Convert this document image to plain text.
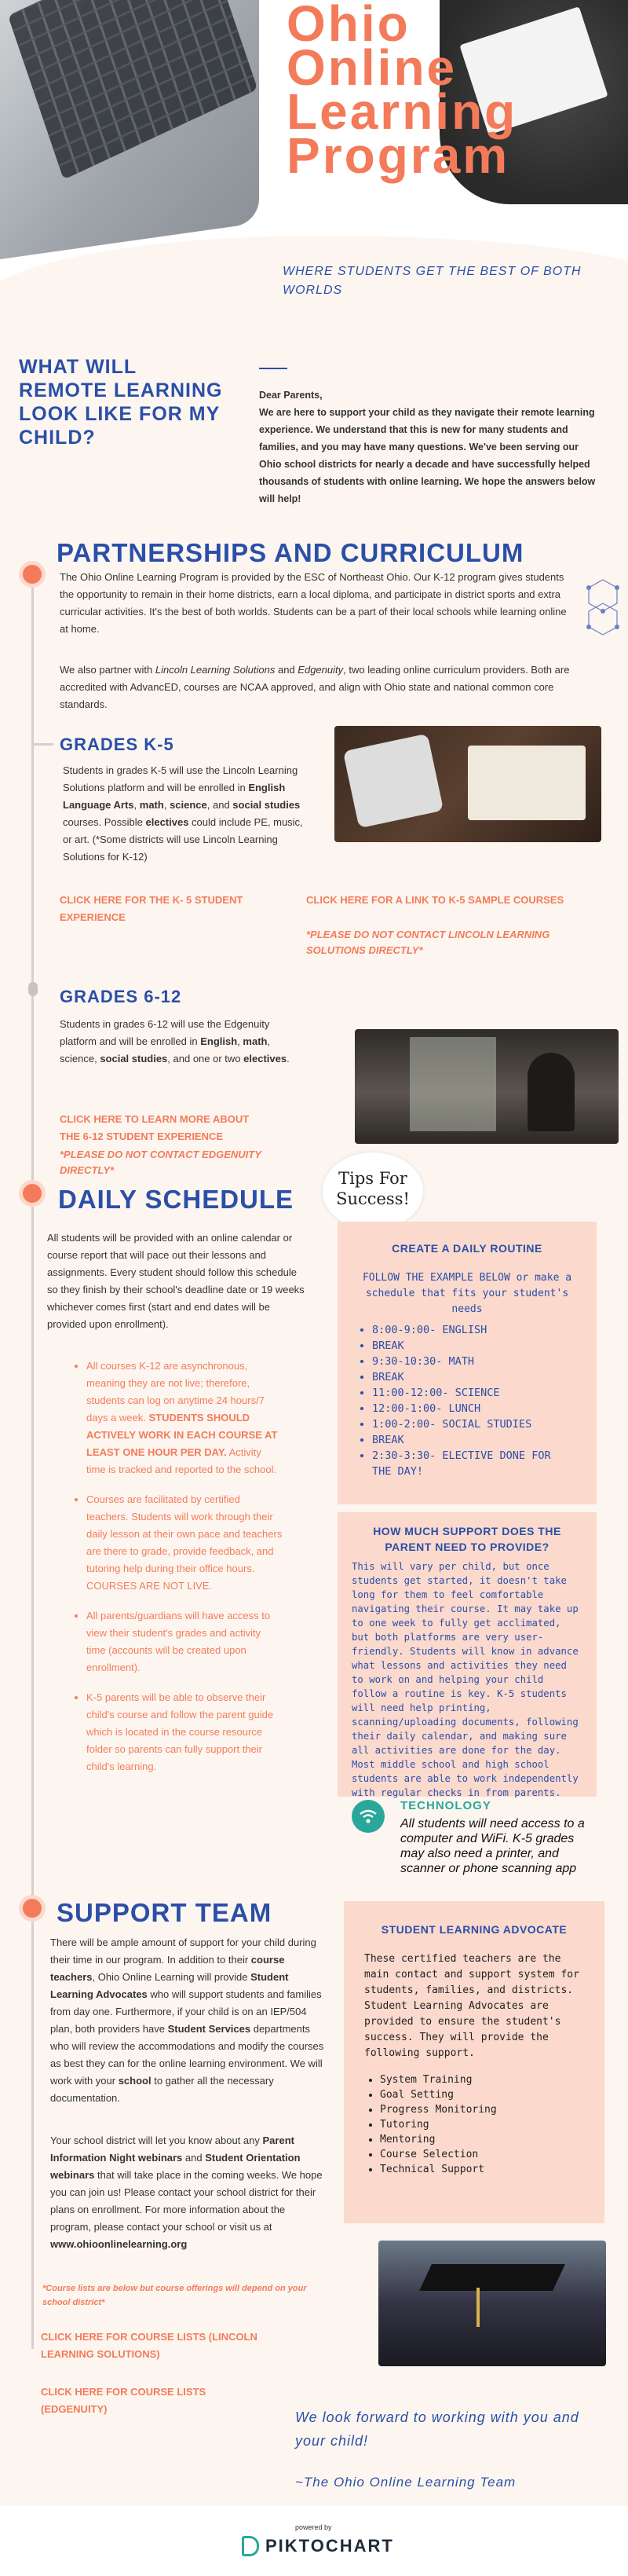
Ohio
Online
Learning
Program
WHERE STUDENTS GET THE BEST OF BOTH WORLDS
WHAT WILL REMOTE LEARNING LOOK LIKE FOR MY CHILD?

Dear Parents,

We are here to support your child as they navigate their remote learning experience. We understand that this is new for many students and families, and you may have many questions. We've been serving our Ohio school districts for nearly a decade and have successfully helped thousands of students with online learning. We hope the answers below will help!

PARTNERSHIPS AND CURRICULUM
The Ohio Online Learning Program is provided by the ESC of Northeast Ohio. Our K-12 program gives students the opportunity to remain in their home districts, earn a local diploma, and participate in district sports and extra curricular activities. It's the best of both worlds. Students can be a part of their local schools while learning online at home.
We also partner with Lincoln Learning Solutions and Edgenuity, two leading online curriculum providers. Both are accredited with AdvancED, courses are NCAA approved, and align with Ohio state and national common core standards.
GRADES K-5
Students in grades K-5 will use the Lincoln Learning Solutions platform and will be enrolled in English Language Arts, math, science, and social studies courses. Possible electives could include PE, music, or art. (*Some districts will use Lincoln Learning Solutions for K-12)
CLICK HERE FOR THE K- 5 STUDENT EXPERIENCE
CLICK HERE FOR A LINK TO K-5 SAMPLE COURSES
*PLEASE DO NOT CONTACT LINCOLN LEARNING SOLUTIONS DIRECTLY*
GRADES 6-12
Students in grades 6-12 will use the Edgenuity platform and will be enrolled in English, math, science, social studies, and one or two electives.
CLICK HERE TO LEARN MORE ABOUT THE 6-12 STUDENT EXPERIENCE
*PLEASE DO NOT CONTACT EDGENUITY DIRECTLY*
DAILY SCHEDULE
Tips For Success!
All students will be provided with an online calendar or course report that will pace out their lessons and assignments. Every student should follow this schedule so they finish by their school's deadline date or 19 weeks whichever comes first (start and end dates will be provided upon enrollment).
• All courses K-12 are asynchronous, meaning they are not live; therefore, students can log on anytime 24 hours/7 days a week. STUDENTS SHOULD ACTIVELY WORK IN EACH COURSE AT LEAST ONE HOUR PER DAY. Activity time is tracked and reported to the school.
• Courses are facilitated by certified teachers. Students will work through their daily lesson at their own pace and teachers are there to grade, provide feedback, and tutoring help during their office hours. COURSES ARE NOT LIVE.
• All parents/guardians will have access to view their student's grades and activity time (accounts will be created upon enrollment).
• K-5 parents will be able to observe their child's course and follow the parent guide which is located in the course resource folder so parents can fully support their child's learning.
CREATE A DAILY ROUTINE
FOLLOW THE EXAMPLE BELOW or make a schedule that fits your student's needs
• 8:00-9:00- ENGLISH
• BREAK
• 9:30-10:30- MATH
• BREAK
• 11:00-12:00- SCIENCE
• 12:00-1:00- LUNCH
• 1:00-2:00- SOCIAL STUDIES
• BREAK
• 2:30-3:30- ELECTIVE DONE FOR THE DAY!
HOW MUCH SUPPORT DOES THE PARENT NEED TO PROVIDE?
This will vary per child, but once students get started, it doesn't take long for them to feel comfortable navigating their course. It may take up to one week to fully get acclimated, but both platforms are very user-friendly. Students will know in advance what lessons and activities they need to work on and helping your child follow a routine is key. K-5 students will need help printing, scanning/uploading documents, following their daily calendar, and making sure all activities are done for the day. Most middle school and high school students are able to work independently with regular checks in from parents.
TECHNOLOGY
All students will need access to a computer and WiFi. K-5 grades may also need a printer, and scanner or phone scanning app
SUPPORT TEAM
There will be ample amount of support for your child during their time in our program. In addition to their course teachers, Ohio Online Learning will provide Student Learning Advocates who will support students and families from day one. Furthermore, if your child is on an IEP/504 plan, both providers have Student Services departments who will review the accommodations and modify the courses as best they can for the online learning environment. We will work with your school to gather all the necessary documentation.
Your school district will let you know about any Parent Information Night webinars and Student Orientation webinars that will take place in the coming weeks. We hope you can join us! Please contact your school district for their plans on enrollment. For more information about the program, please contact your school or visit us at www.ohioonlinelearning.org
*Course lists are below but course offerings will depend on your school district*
CLICK HERE FOR COURSE LISTS (LINCOLN LEARNING SOLUTIONS)
CLICK HERE FOR COURSE LISTS (EDGENUITY)
STUDENT LEARNING ADVOCATE
These certified teachers are the main contact and support system for students, families, and districts. Student Learning Advocates are provided to ensure the student's success. They will provide the following support.
• System Training
• Goal Setting
• Progress Monitoring
• Tutoring
• Mentoring
• Course Selection
• Technical Support
We look forward to working with you and your child!
~The Ohio Online Learning Team
powered by
PIKTOCHART
